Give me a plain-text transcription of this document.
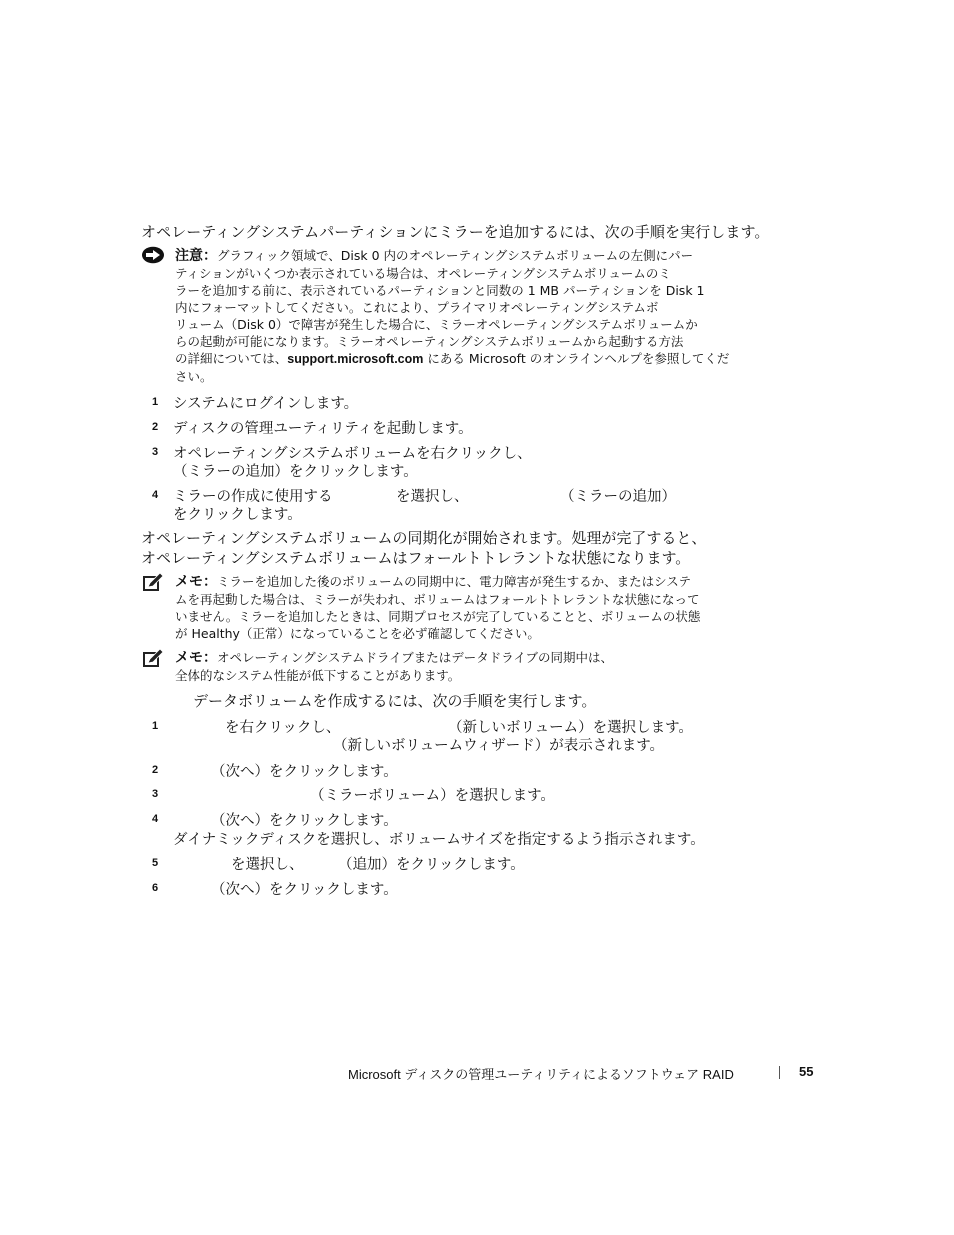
オペレーティングシステムパーティションにミラーを追加するには、次の手順を実行します。
注意：グラフィック領域で、Disk 0 内のオペレーティングシステムボリュームの左側にパー
ティションがいくつか表示されている場合は、オペレーティングシステムボリュームのミ
ラーを追加する前に、表示されているパーティションと同数の 1 MB パーティションを Disk 1
内にフォーマットしてください。これにより、プライマリオペレーティングシステムボ
リューム（Disk 0）で障害が発生した場合に、ミラーオペレーティングシステムボリュームか
らの起動が可能になります。ミラーオペレーティングシステムボリュームから起動する方法
の詳細については、support.microsoft.com にある Microsoft のオンラインヘルプを参照してくだ
さい。
1 システムにログインします。
2 ディスクの管理ユーティリティを起動します。
3 オペレーティングシステムボリュームを右クリックし、
（ミラーの追加）をクリックします。
4 ミラーの作成に使用する	を選択し、	（ミラーの追加）
をクリックします。
オペレーティングシステムボリュームの同期化が開始されます。処理が完了すると、
オペレーティングシステムボリュームはフォールトトレラントな状態になります。
メモ：ミラーを追加した後のボリュームの同期中に、電力障害が発生するか、またはシステ
ムを再起動した場合は、ミラーが失われ、ボリュームはフォールトトレラントな状態になって
いません。ミラーを追加したときは、同期プロセスが完了していることと、ボリュームの状態
が Healthy（正常）になっていることを必ず確認してください。
メモ：オペレーティングシステムドライブまたはデータドライブの同期中は、
全体的なシステム性能が低下することがあります。
データボリュームを作成するには、次の手順を実行します。
1	を右クリックし、	（新しいボリューム）を選択します。
（新しいボリュームウィザード）が表示されます。
2	（次へ）をクリックします。
3	（ミラーボリューム）を選択します。
4	（次へ）をクリックします。
ダイナミックディスクを選択し、ボリュームサイズを指定するよう指示されます。
5	を選択し、 （追加）をクリックします。
6	（次へ）をクリックします。
Microsoft ディスクの管理ユーティリティによるソフトウェア RAID	55
